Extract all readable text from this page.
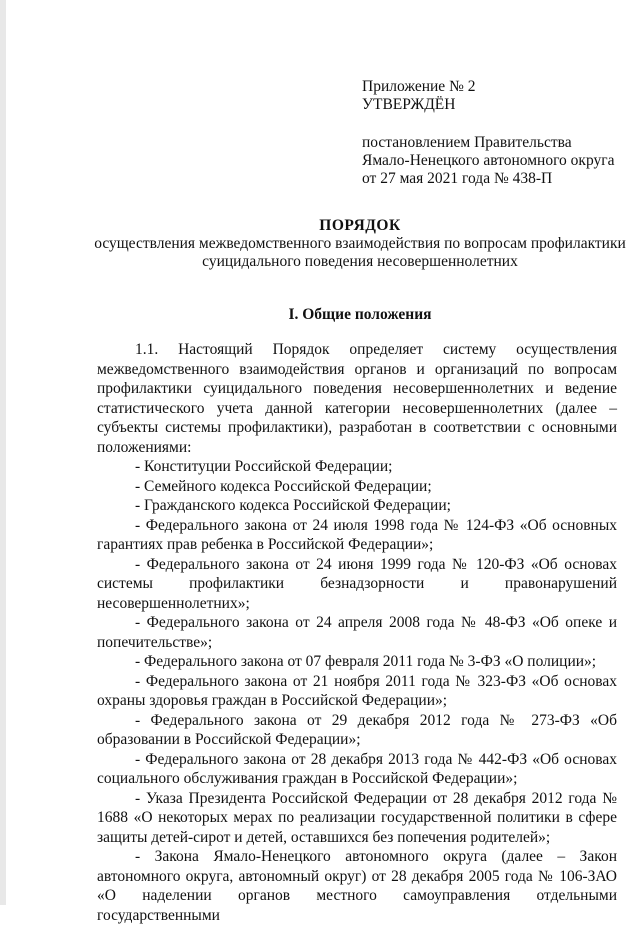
Приложение № 2
УТВЕРЖДЁН
постановлением Правительства
Ямало-Ненецкого автономного округа
от 27 мая 2021 года № 438-П
ПОРЯДОК
осуществления межведомственного взаимодействия по вопросам профилактики суицидального поведения несовершеннолетних
I. Общие положения

1.1. Настоящий Порядок определяет систему осуществления межведомственного взаимодействия органов и организаций по вопросам профилактики суицидального поведения несовершеннолетних и ведение статистического учета данной категории несовершеннолетних (далее – субъекты системы профилактики), разработан в соответствии с основными положениями:

- Конституции Российской Федерации;

- Семейного кодекса Российской Федерации;

- Гражданского кодекса Российской Федерации;

- Федерального закона от 24 июля 1998 года № 124-ФЗ «Об основных гарантиях прав ребенка в Российской Федерации»;

- Федерального закона от 24 июня 1999 года № 120-ФЗ «Об основах системы профилактики безнадзорности и правонарушений несовершеннолетних»;

- Федерального закона от 24 апреля 2008 года № 48-ФЗ «Об опеке и попечительстве»;

- Федерального закона от 07 февраля 2011 года № 3-ФЗ «О полиции»;

- Федерального закона от 21 ноября 2011 года № 323-ФЗ «Об основах охраны здоровья граждан в Российской Федерации»;

- Федерального закона от 29 декабря 2012 года № 273-ФЗ «Об образовании в Российской Федерации»;

- Федерального закона от 28 декабря 2013 года № 442-ФЗ «Об основах социального обслуживания граждан в Российской Федерации»;

- Указа Президента Российской Федерации от 28 декабря 2012 года № 1688 «О некоторых мерах по реализации государственной политики в сфере защиты детей-сирот и детей, оставшихся без попечения родителей»;

- Закона Ямало-Ненецкого автономного округа (далее – Закон автономного округа, автономный округ) от 28 декабря 2005 года № 106-ЗАО «О наделении органов местного самоуправления отдельными государственными
